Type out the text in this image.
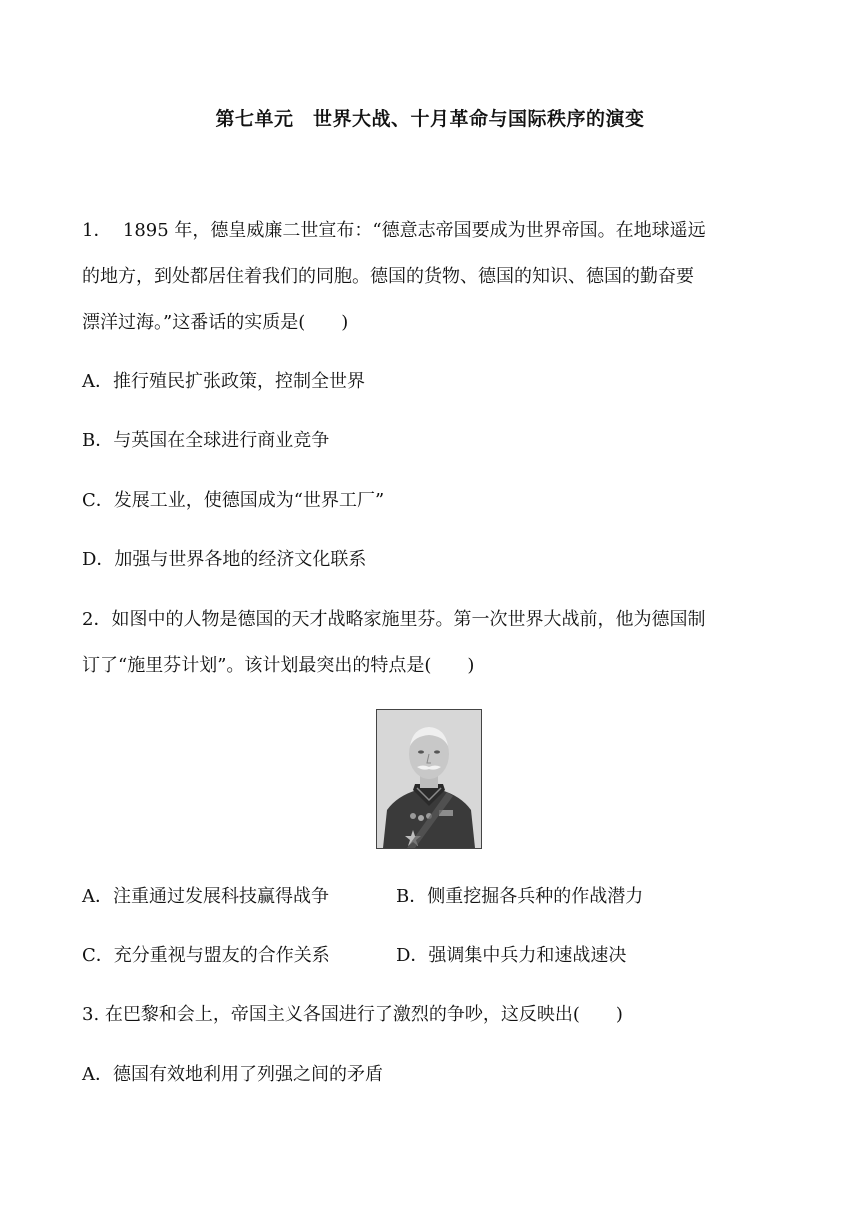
第七单元　世界大战、十月革命与国际秩序的演变
1．  1895 年，德皇威廉二世宣布：“德意志帝国要成为世界帝国。在地球遥远
的地方，到处都居住着我们的同胞。德国的货物、德国的知识、德国的勤奋要
漂洋过海。”这番话的实质是(　　)
A．推行殖民扩张政策，控制全世界
B．与英国在全球进行商业竞争
C．发展工业，使德国成为“世界工厂”
D．加强与世界各地的经济文化联系
2．如图中的人物是德国的天才战略家施里芬。第一次世界大战前，他为德国制
订了“施里芬计划”。该计划最突出的特点是(　　)
A．注重通过发展科技赢得战争	B．侧重挖掘各兵种的作战潜力
C．充分重视与盟友的合作关系	D．强调集中兵力和速战速决
3. 在巴黎和会上，帝国主义各国进行了激烈的争吵，这反映出(　　)
A．德国有效地利用了列强之间的矛盾
